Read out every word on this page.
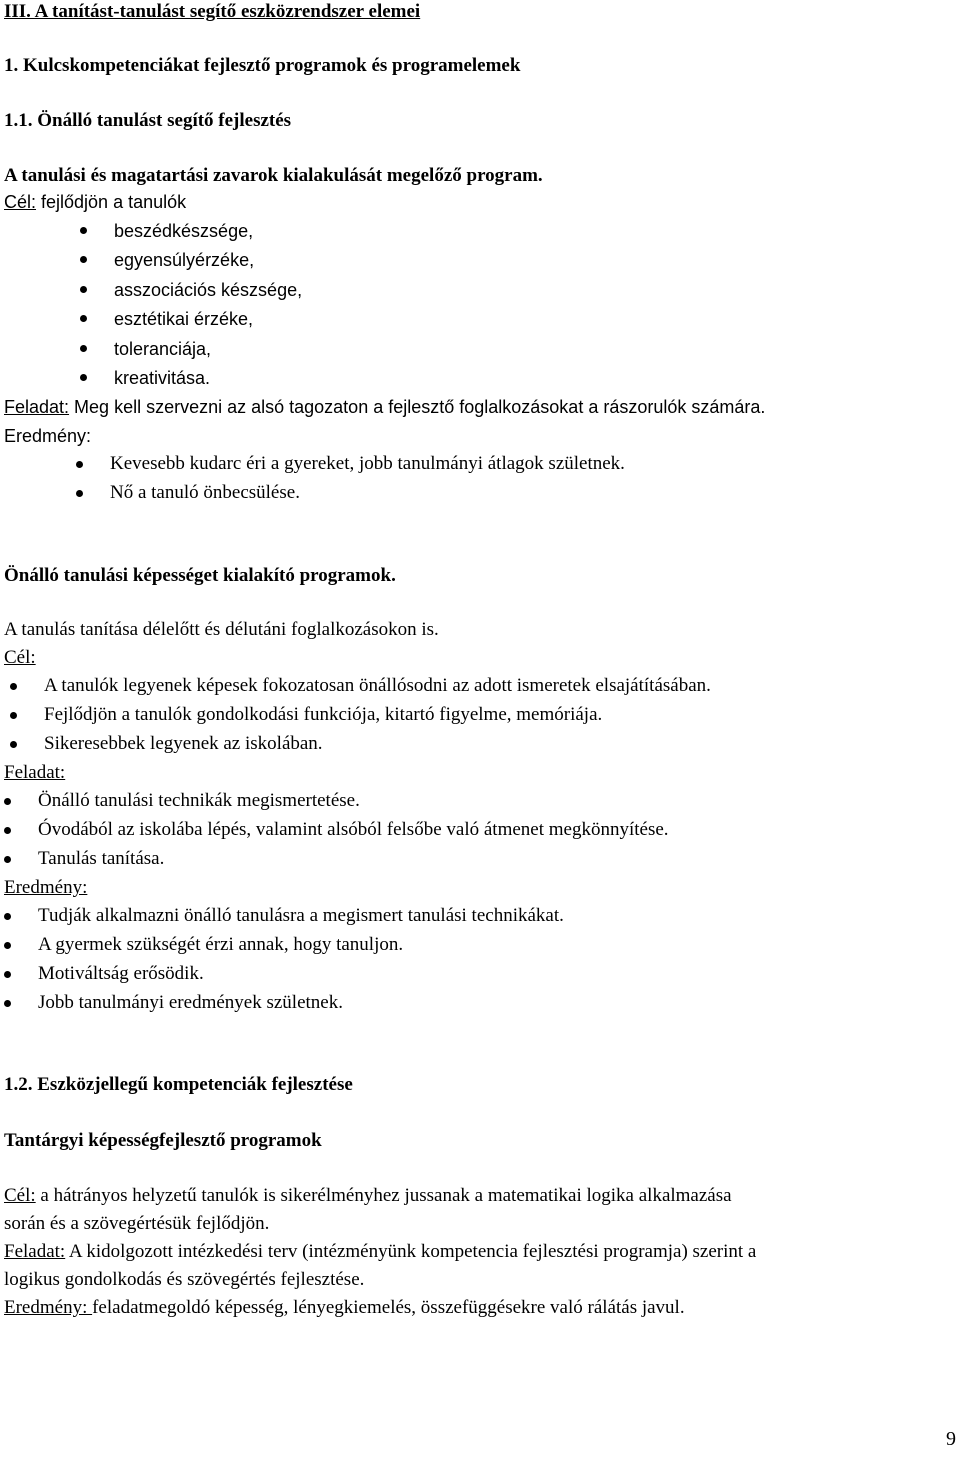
III. A tanítást-tanulást segítő eszközrendszer elemei
1. Kulcskompetenciákat fejlesztő programok és programelemek
1.1. Önálló tanulást segítő fejlesztés
A tanulási és magatartási zavarok kialakulását megelőző program.
Cél: fejlődjön a tanulók
beszédkészsége,
egyensúlyérzéke,
asszociációs készsége,
esztétikai érzéke,
toleranciája,
kreativitása.
Feladat: Meg kell szervezni az alsó tagozaton a fejlesztő foglalkozásokat a rászorulók számára.
Eredmény:
Kevesebb kudarc éri a gyereket, jobb tanulmányi átlagok születnek.
Nő a tanuló önbecsülése.
Önálló tanulási képességet kialakító programok.
A tanulás tanítása délelőtt és délutáni foglalkozásokon is.
Cél:
A tanulók legyenek képesek fokozatosan önállósodni az adott ismeretek elsajátításában.
Fejlődjön a tanulók gondolkodási funkciója, kitartó figyelme, memóriája.
Sikeresebbek legyenek az iskolában.
Feladat:
Önálló tanulási technikák megismertetése.
Óvodából az iskolába lépés, valamint alsóból felsőbe való átmenet megkönnyítése.
Tanulás tanítása.
Eredmény:
Tudják alkalmazni önálló tanulásra a megismert tanulási technikákat.
A gyermek szükségét érzi annak, hogy tanuljon.
Motiváltság erősödik.
Jobb tanulmányi eredmények születnek.
1.2. Eszközjellegű kompetenciák fejlesztése
Tantárgyi képességfejlesztő programok
Cél: a hátrányos helyzetű tanulók is sikerélményhez jussanak a matematikai logika alkalmazása
során és a szövegértésük fejlődjön.
Feladat: A kidolgozott intézkedési terv (intézményünk kompetencia fejlesztési programja) szerint a
logikus gondolkodás és szövegértés fejlesztése.
Eredmény: feladatmegoldó képesség, lényegkiemelés, összefüggésekre való rálátás javul.
9
